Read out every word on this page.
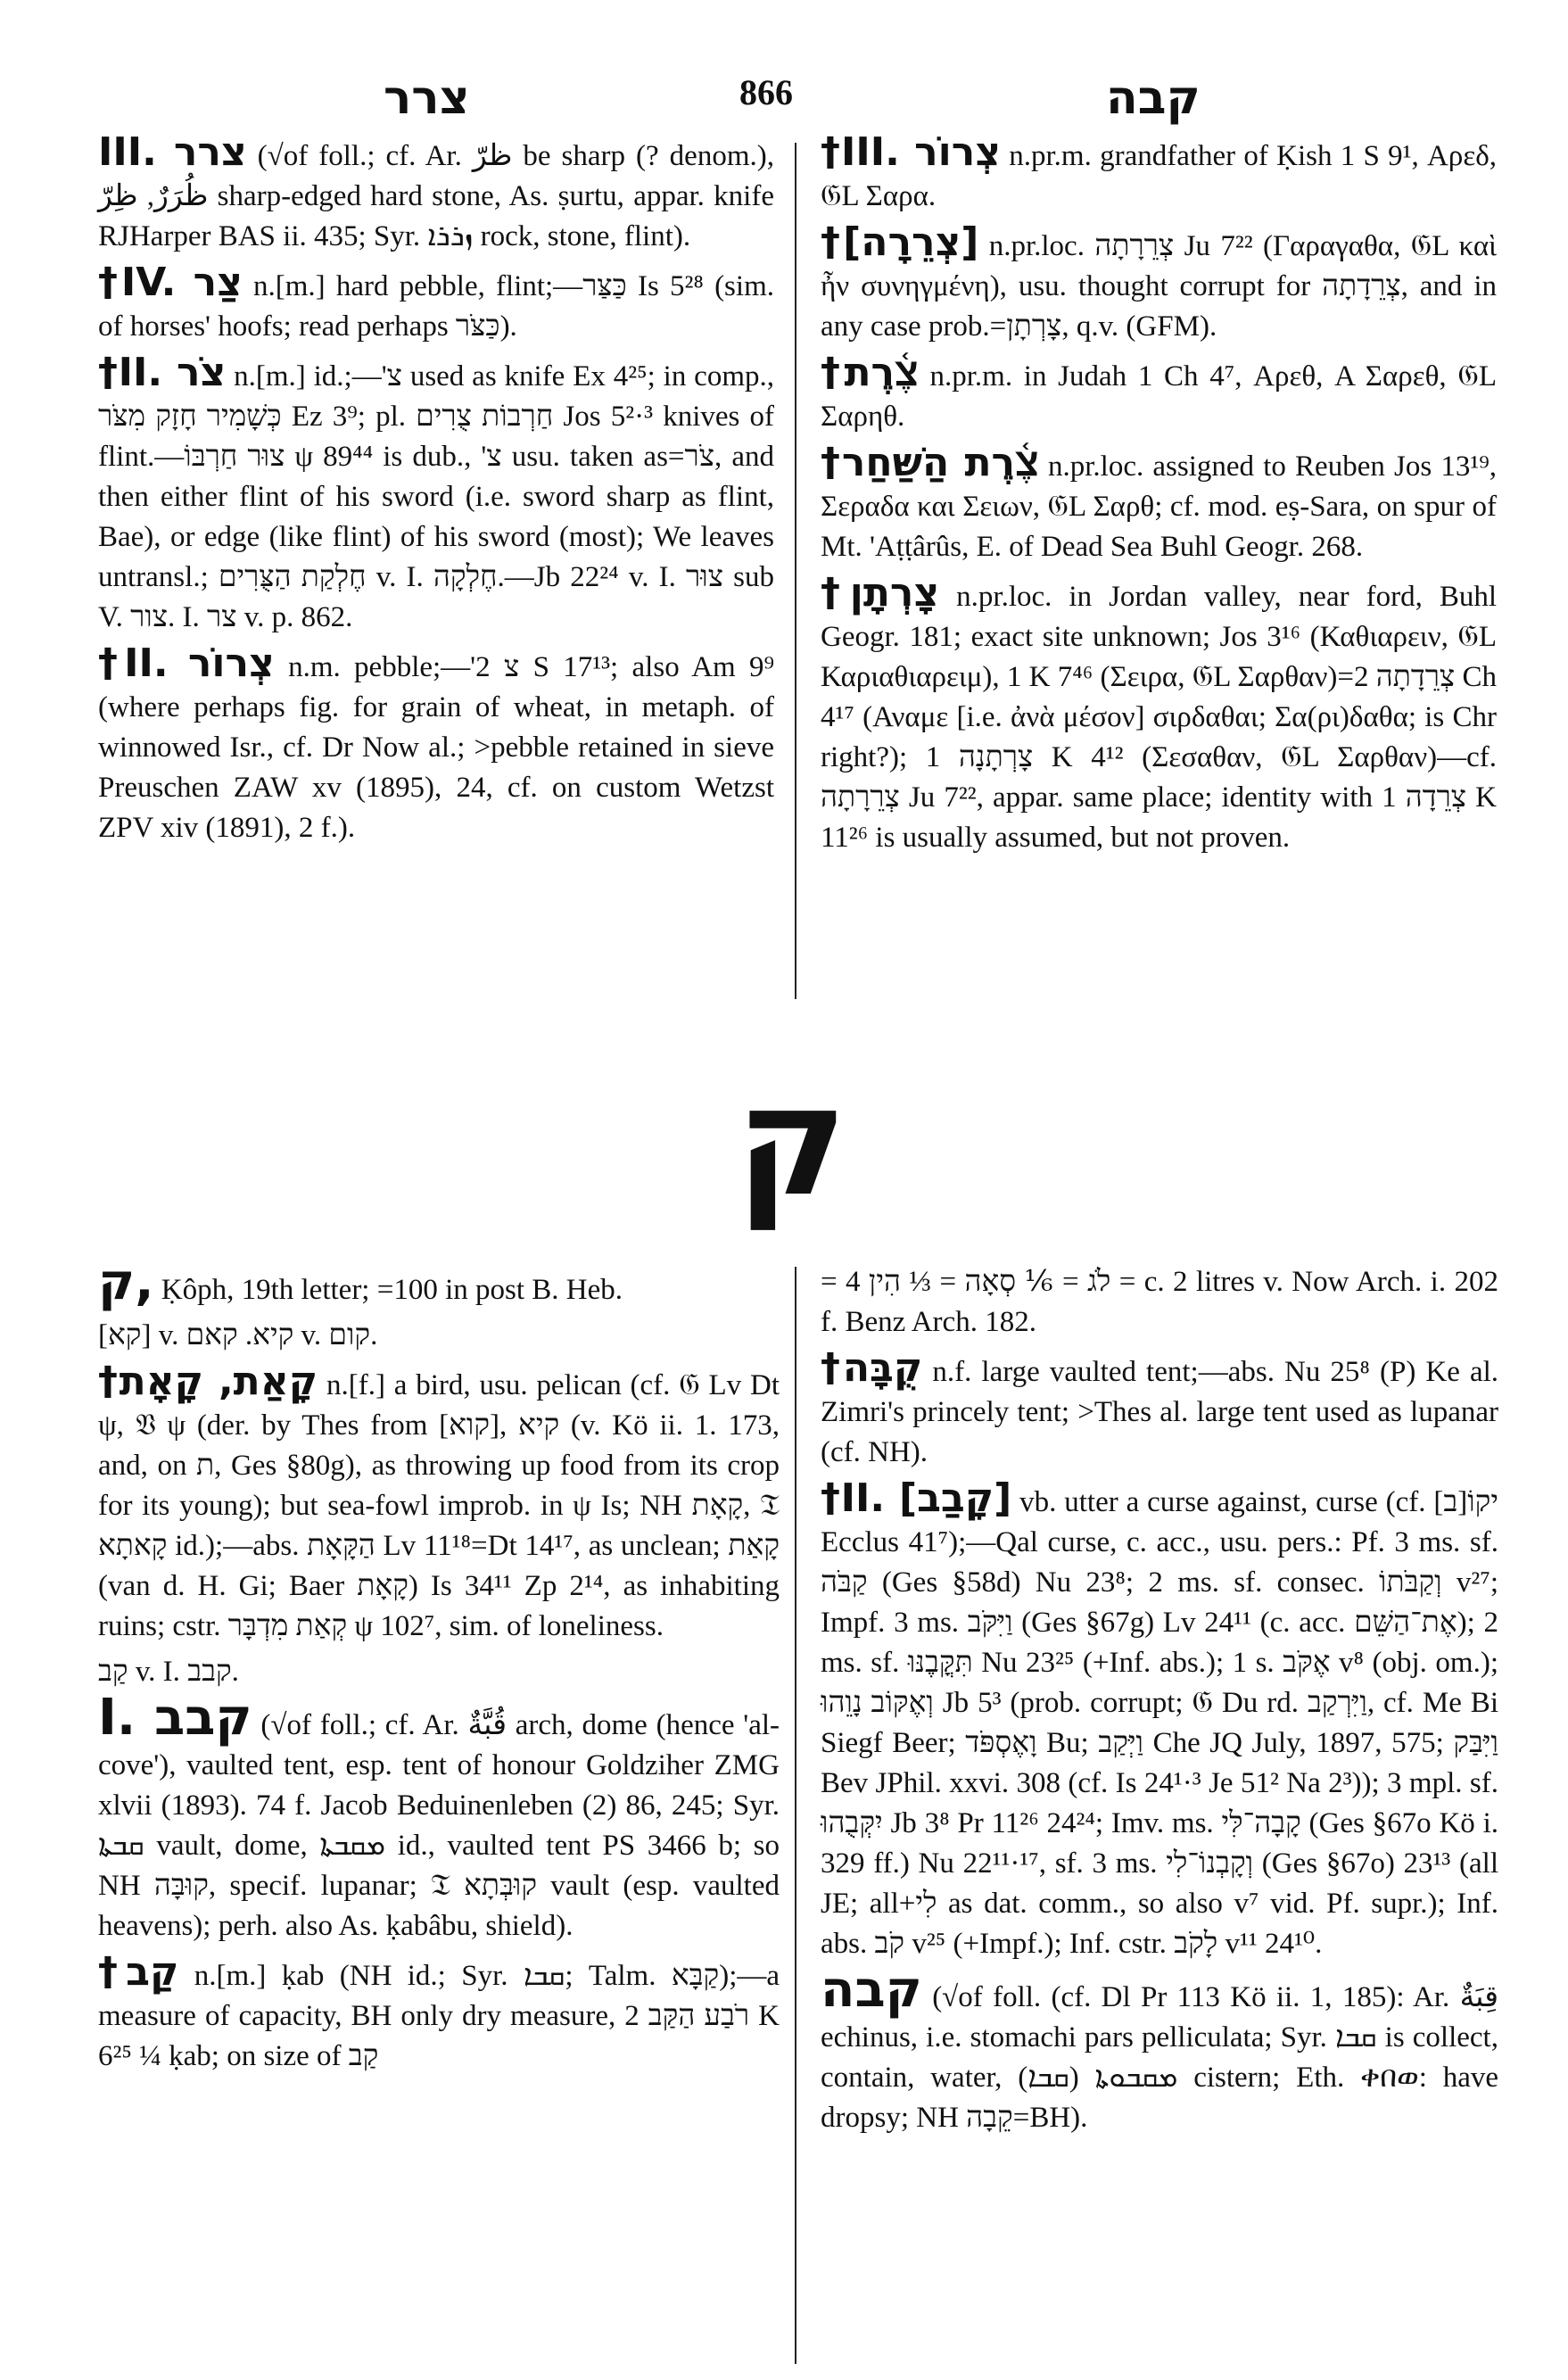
צרר	866	קבה

III. צרר (√of foll.; cf. Ar. ظرّ be sharp (? denom.), ظُرَرٌ, ظِرّ sharp-edged hard stone, As. ṣurtu, appar. knife RJHarper BAS ii. 435; Syr. ܙܪܪܐ rock, stone, flint).

†IV. צַר n.[m.] hard pebble, flint;—כַּצַּר Is 5²⁸ (sim. of horses' hoofs; read perhaps כַּצֹּר).

†II. צֹר n.[m.] id.;—'צ used as knife Ex 4²⁵; in comp., כְּשָׁמִיר חָזָק מִצֹּר Ez 3⁹; pl. חַרְבוֹת צֻרִים Jos 5²·³ knives of flint.—צוּר חַרְבּוֹ ψ 89⁴⁴ is dub., 'צ usu. taken as=צֹר, and then either flint of his sword (i.e. sword sharp as flint, Bae), or edge (like flint) of his sword (most); We leaves untransl.; חֶלְקַת הַצֻּרִים v. I. חֶלְקָה.—Jb 22²⁴ v. I. צוּר sub V. צור. I. צר v. p. 862.

†II. צְרוֹר n.m. pebble;—'צ 2 S 17¹³; also Am 9⁹ (where perhaps fig. for grain of wheat, in metaph. of winnowed Isr., cf. Dr Now al.; >pebble retained in sieve Preuschen ZAW xv (1895), 24, cf. on custom Wetzst ZPV xiv (1891), 2 f.).

†III. צְרוֹר n.pr.m. grandfather of Ḳish 1 S 9¹, Αρεδ, 𝔊L Σαρα.

†[צְרֵרָה] n.pr.loc. צְרֵרָתָה Ju 7²² (Γαραγαθα, 𝔊L καὶ ἦν συνηγμένη), usu. thought corrupt for צְרֵדָתָה, and in any case prob.=צָרְתָן, q.v. (GFM).

†צֶ֫רֶת n.pr.m. in Judah 1 Ch 4⁷, Αρεθ, A Σαρεθ, 𝔊L Σαρηθ.

†צֶ֫רֶת הַשַּׁחַר n.pr.loc. assigned to Reuben Jos 13¹⁹, Σεραδα και Σειων, 𝔊L Σαρθ; cf. mod. eṣ-Sara, on spur of Mt. 'Aṭṭârûs, E. of Dead Sea Buhl Geogr. 268.

†צָרְתָן n.pr.loc. in Jordan valley, near ford, Buhl Geogr. 181; exact site unknown; Jos 3¹⁶ (Καθιαρειν, 𝔊L Καριαθιαρειμ), 1 K 7⁴⁶ (Σειρα, 𝔊L Σαρθαν)=צְרֵדָתָה 2 Ch 4¹⁷ (Αναμε [i.e. ἀνὰ μέσον] σιρδαθαι; Σα(ρι)δαθα; is Chr right?); צָרְתָנָה 1 K 4¹² (Σεσαθαν, 𝔊L Σαρθαν)—cf. צְרֵרָתָה Ju 7²², appar. same place; identity with צְרֵדָה 1 K 11²⁶ is usually assumed, but not proven.

ק

ק, Ḳôph, 19th letter; =100 in post B. Heb.

[קא] v. קיא. קאם v. קום.

†קָאַת, קָאָת n.[f.] a bird, usu. pelican (cf. 𝔊 Lv Dt ψ, 𝔙 ψ (der. by Thes from [קוא], קיא (v. Kö ii. 1. 173, and, on ת, Ges §80g), as throwing up food from its crop for its young); but sea-fowl improb. in ψ Is; NH קָאָת, 𝔗 קָאתָא id.);—abs. הַקָּאָת Lv 11¹⁸=Dt 14¹⁷, as unclean; קָאַת (van d. H. Gi; Baer קָאָת) Is 34¹¹ Zp 2¹⁴, as inhabiting ruins; cstr. קְאַת מִדְבָּר ψ 102⁷, sim. of loneliness.

קַב v. I. קבב.

I. קבב (√of foll.; cf. Ar. قُبَّةٌ arch, dome (hence 'al-cove'), vaulted tent, esp. tent of honour Goldziher ZMG xlvii (1893). 74 f. Jacob Beduinenleben (2) 86, 245; Syr. ܩܒܬܐ vault, dome, ܡܩܒܬܐ id., vaulted tent PS 3466 b; so NH קוּבָּה, specif. lupanar; 𝔗 קוּבְּתָא vault (esp. vaulted heavens); perh. also As. ḳabâbu, shield).

†קַב n.[m.] ḳab (NH id.; Syr. ܩܒܐ; Talm. קַבָּא);—a measure of capacity, BH only dry measure, רֹבַע הַקַּב 2 K 6²⁵ ¼ ḳab; on size of קַב

= 4 לֹג = ⅙ סְאָה = ⅓ הִין = c. 2 litres v. Now Arch. i. 202 f. Benz Arch. 182.

†קֻבָּה n.f. large vaulted tent;—abs. Nu 25⁸ (P) Ke al. Zimri's princely tent; >Thes al. large tent used as lupanar (cf. NH).

†II. [קָבַב] vb. utter a curse against, curse (cf. [ב]יקוֹ Ecclus 41⁷);—Qal curse, c. acc., usu. pers.: Pf. 3 ms. sf. קַבֹּה (Ges §58d) Nu 23⁸; 2 ms. sf. consec. וְקַבֹּתוֹ v²⁷; Impf. 3 ms. וַיִּקֹּב (Ges §67g) Lv 24¹¹ (c. acc. אֶת־הַשֵּׁם); 2 ms. sf. תִּקֳּבֶנּוּ Nu 23²⁵ (+Inf. abs.); 1 s. אֶקֹּב v⁸ (obj. om.); וְאֶקּוֹב נָוֵהוּ Jb 5³ (prob. corrupt; 𝔊 Du rd. וַיִּרְקַב, cf. Me Bi Siegf Beer; וָאֶסְפֹּד Bu; וַיְּקַב Che JQ July, 1897, 575; וַיִּבַּק Bev JPhil. xxvi. 308 (cf. Is 24¹·³ Je 51² Na 2³)); 3 mpl. sf. יִקְּבֻהוּ Jb 3⁸ Pr 11²⁶ 24²⁴; Imv. ms. קָבָה־לִּי (Ges §67o Kö i. 329 ff.) Nu 22¹¹·¹⁷, sf. 3 ms. וְקָבְנוֹ־לִי (Ges §67o) 23¹³ (all JE; all+לִי as dat. comm., so also v⁷ vid. Pf. supr.); Inf. abs. קֹב v²⁵ (+Impf.); Inf. cstr. לָקֹב v¹¹ 24¹⁰.

קבה (√of foll. (cf. Dl Pr 113 Kö ii. 1, 185): Ar. قِبَةٌ echinus, i.e. stomachi pars pelliculata; Syr. ܩܒܐ is collect, contain, water, ܡܩܒܘܬܐ (ܩܒܐ) cistern; Eth. ቀበወ: have dropsy; NH קֵבָה=BH).
